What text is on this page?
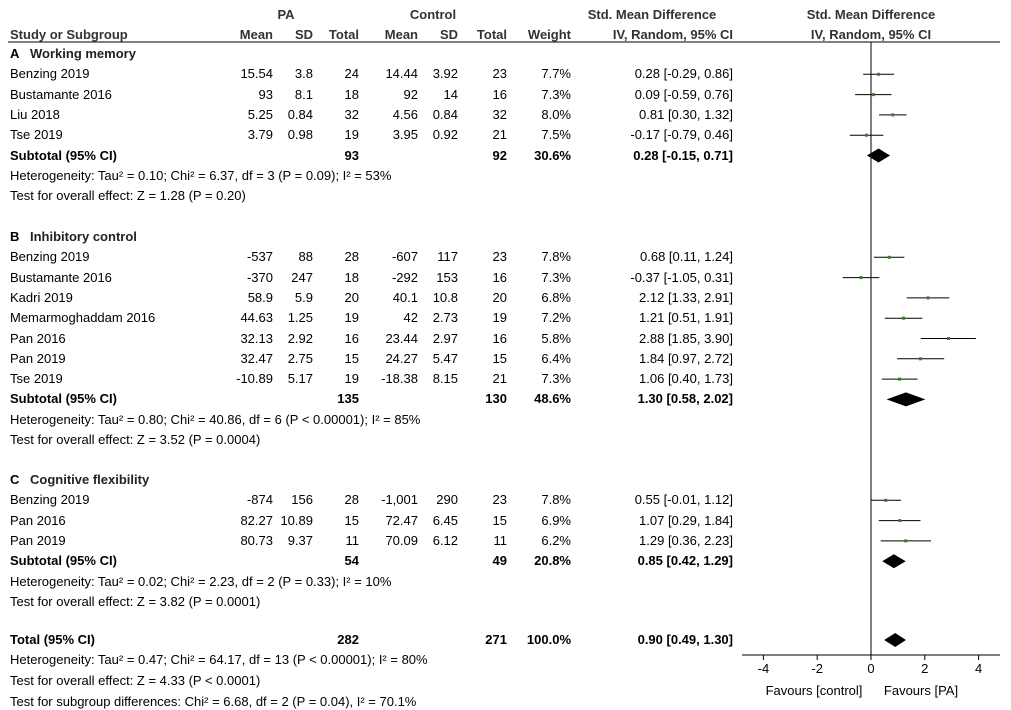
PA	Control	Std. Mean Difference	Std. Mean Difference
Study or Subgroup	Mean SD Total Mean SD Total Weight	IV, Random, 95% CI	IV, Random, 95% CI
A Working memory
Benzing 2019	15.54 3.8 24 14.44 3.92	23	7.7%	0.28 [-0.29, 0.86]
Bustamante 2016	93 8.1 18	92 14	16	7.3%	0.09 [-0.59, 0.76]
Liu 2018	5.25 0.84 32	4.56 0.84	32	8.0%	0.81 [0.30, 1.32]
Tse 2019	3.79 0.98 19	3.95 0.92	21	7.5%	-0.17 [-0.79, 0.46]
Subtotal (95% CI)	93	92 30.6%	0.28 [-0.15, 0.71]
Heterogeneity: Tau² = 0.10; Chi² = 6.37, df = 3 (P = 0.09); I² = 53%
Test for overall effect: Z = 1.28 (P = 0.20)
B Inhibitory control
Benzing 2019	-537 88 28	-607 117	23	7.8%	0.68 [0.11, 1.24]
Bustamante 2016	-370 247 18	-292 153	16	7.3%	-0.37 [-1.05, 0.31]
Kadri 2019	58.9 5.9 20	40.1 10.8	20	6.8%	2.12 [1.33, 2.91]
Memarmoghaddam 2016	44.63 1.25 19	42 2.73	19	7.2%	1.21 [0.51, 1.91]
Pan 2016	32.13 2.92 16 23.44 2.97	16	5.8%	2.88 [1.85, 3.90]
Pan 2019	32.47 2.75 15 24.27 5.47	15	6.4%	1.84 [0.97, 2.72]
Tse 2019	-10.89 5.17 19 -18.38 8.15	21	7.3%	1.06 [0.40, 1.73]
Subtotal (95% CI)	135	130 48.6%	1.30 [0.58, 2.02]
Heterogeneity: Tau² = 0.80; Chi² = 40.86, df = 6 (P < 0.00001); I² = 85%
Test for overall effect: Z = 3.52 (P = 0.0004)
C Cognitive flexibility
Benzing 2019	-874 156 28 -1,001 290	23	7.8%	0.55 [-0.01, 1.12]
Pan 2016	82.27 10.89 15 72.47 6.45	15	6.9%	1.07 [0.29, 1.84]
Pan 2019	80.73 9.37	11 70.09 6.12	11	6.2%	1.29 [0.36, 2.23]
Subtotal (95% CI)	54	49 20.8%	0.85 [0.42, 1.29]
Heterogeneity: Tau² = 0.02; Chi² = 2.23, df = 2 (P = 0.33); I² = 10%
Test for overall effect: Z = 3.82 (P = 0.0001)
Total (95% CI)	282	271 100.0%	0.90 [0.49, 1.30]
Heterogeneity: Tau² = 0.47; Chi² = 64.17, df = 13 (P < 0.00001); I² = 80%
Test for overall effect: Z = 4.33 (P < 0.0001)
Test for subgroup differences: Chi² = 6.68, df = 2 (P = 0.04), I² = 70.1%
-4	-2	0	2	4
Favours [control]	Favours [PA]
